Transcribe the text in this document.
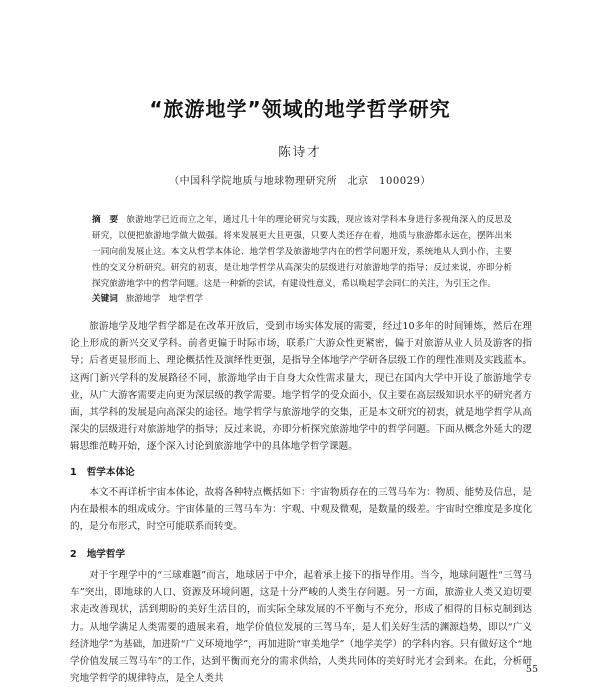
“旅游地学”领域的地学哲学研究
陈诗才
（中国科学院地质与地球物理研究所　北京　100029）
摘　要 旅游地学已近而立之年，通过几十年的理论研究与实践，现应该对学科本身进行多视角深入的反思及研究，以便把旅游地学做大做强。将来发展更大且更强，只要人类还存在着，地质与旅游都永远在，摆阵出来一同向前发展止这。本文从哲学本体论、地学哲学及旅游地学内在的哲学问题开发，系统地从人到小作，主要性的交叉分析研究。研究的初衷，是让地学哲学从高深尖的层级进行对旅游地学的指导；反过来说，亦即分析探究旅游地学中的哲学问题。这是一种新的尝试，有建设性意义，希以唤起学会同仁的关注，为引玉之作。
关键词 旅游地学　地学哲学

旅游地学及地学哲学都是在改革开放后，受到市场实体发展的需要，经过10多年的时间锤炼，然后在理论上形成的新兴交叉学科。前者更偏于时际市场，联系广大游众性更紧密，偏于对旅游从业人员及游客的指导；后者更显形而上、理论概括性及演绎性更强，是指导全体地学产学研各层级工作的理性准则及实践蓝本。这两门新兴学科的发展路径不同，旅游地学由于自身大众性需求量大，现已在国内大学中开设了旅游地学专业，从广大游客需要走向更为深层级的教学需要。地学哲学的受众面小，仅主要在高层级知识水平的研究者方面，其学科的发展是向高深尖的途径。地学哲学与旅游地学的交集，正是本文研究的初衷，就是地学哲学从高深尖的层级进行对旅游地学的指导；反过来说，亦即分析探究旅游地学中的哲学问题。下面从概念外延大的逻辑思维范畴开始，逐个深入讨论到旅游地学中的具体地学哲学课题。

1 哲学本体论

本文不再详析宇宙本体论，故将各种特点概括如下：宇宙物质存在的三驾马车为：物质、能势及信息，是内在最根本的组成成分。宇宙体量的三驾马车为：宇观、中观及微观，是数量的级差。宇宙时空维度是多度化的，是分布形式，时空可能联系而转变。

2 地学哲学

对于宇理学中的“三球难题”而言，地球居于中介，起着承上接下的指导作用。当今，地球问题性“三驾马车”突出，即地球的人口、资源及环境问题，这是十分严峻的人类生存问题。另一方面，旅游业人类又迫切要求走改善现状，活到期盼的美好生活目的，而实际全球发展的不平衡与不充分，形成了相得的目标克制到达力。从地学满足人类需要的遗展来看，地学价值位发展的三驾马车，是人们关好生活的渊源趋势，即以“广义经济地学”为基础，加进阶“广义环境地学”，再加进阶“审美地学”（地学美学）的学科内容。只有做好这个“地学价值发展三驾马车”的工作，达到平衡而充分的需求供给，人类共同体的美好时光才会到来。在此，分析研究地学哲学的规律特点，是全人类共

55
